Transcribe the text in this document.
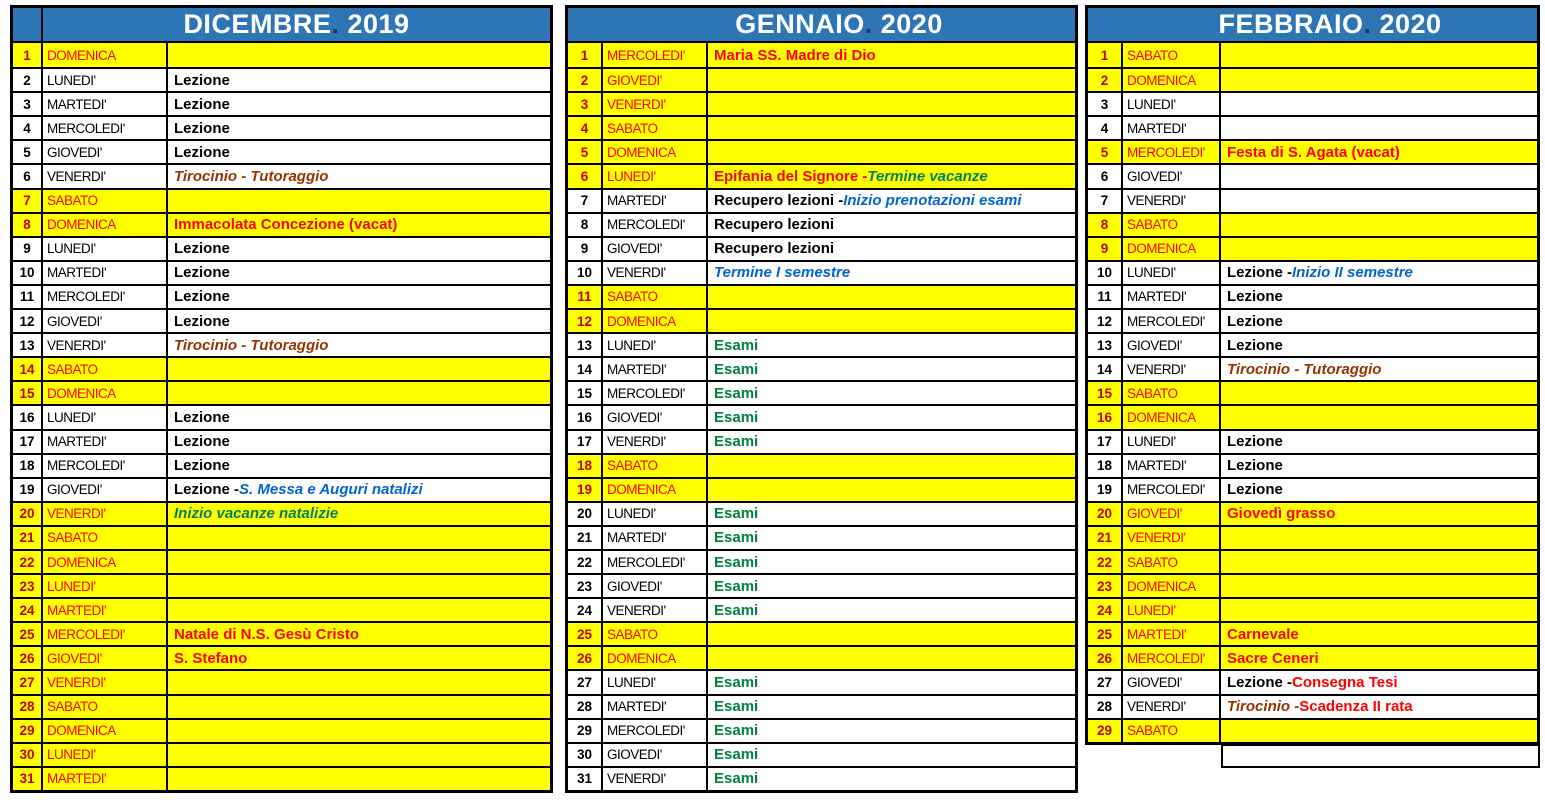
DICEMBRE. 2019
1	DOMENICA
2	LUNEDI'	Lezione
3	MARTEDI'	Lezione
4	MERCOLEDI'	Lezione
5	GIOVEDI'	Lezione
6	VENERDI'	Tirocinio - Tutoraggio
7	SABATO
8	DOMENICA	Immacolata Concezione (vacat)
9	LUNEDI'	Lezione
10 MARTEDI'	Lezione
11 MERCOLEDI'	Lezione
12 GIOVEDI'	Lezione
13 VENERDI'	Tirocinio - Tutoraggio
14 SABATO
15 DOMENICA
16 LUNEDI'	Lezione
17 MARTEDI'	Lezione
18 MERCOLEDI'	Lezione
19 GIOVEDI'	Lezione - S. Messa e Auguri natalizi
20 VENERDI'	Inizio vacanze natalizie
21 SABATO
22 DOMENICA
23 LUNEDI'
24 MARTEDI'
25 MERCOLEDI'	Natale di N.S. Gesù Cristo
26 GIOVEDI'	S. Stefano
27 VENERDI'
28 SABATO
29 DOMENICA
30 LUNEDI'
31 MARTEDI'
GENNAIO. 2020
1	MERCOLEDI'	Maria SS. Madre di Dio
2	GIOVEDI'
3	VENERDI'
4	SABATO
5	DOMENICA
6	LUNEDI'	Epifania del Signore - Termine vacanze
7	MARTEDI'	Recupero lezioni - Inizio prenotazioni esami
8	MERCOLEDI'	Recupero lezioni
9	GIOVEDI'	Recupero lezioni
10	VENERDI'	Termine I semestre
11	SABATO
12	DOMENICA
13	LUNEDI'	Esami
14	MARTEDI'	Esami
15	MERCOLEDI'	Esami
16	GIOVEDI'	Esami
17	VENERDI'	Esami
18	SABATO
19	DOMENICA
20	LUNEDI'	Esami
21	MARTEDI'	Esami
22	MERCOLEDI'	Esami
23	GIOVEDI'	Esami
24	VENERDI'	Esami
25	SABATO
26	DOMENICA
27	LUNEDI'	Esami
28	MARTEDI'	Esami
29	MERCOLEDI'	Esami
30	GIOVEDI'	Esami
31	VENERDI'	Esami
FEBBRAIO. 2020
1	SABATO
2	DOMENICA
3	LUNEDI'
4	MARTEDI'
5	MERCOLEDI'	Festa di S. Agata (vacat)
6	GIOVEDI'
7	VENERDI'
8	SABATO
9	DOMENICA
10	LUNEDI'	Lezione - Inizio II semestre
11	MARTEDI'	Lezione
12	MERCOLEDI'	Lezione
13	GIOVEDI'	Lezione
14	VENERDI'	Tirocinio - Tutoraggio
15	SABATO
16	DOMENICA
17	LUNEDI'	Lezione
18	MARTEDI'	Lezione
19	MERCOLEDI'	Lezione
20	GIOVEDI'	Giovedì grasso
21	VENERDI'
22	SABATO
23	DOMENICA
24	LUNEDI'
25	MARTEDI'	Carnevale
26	MERCOLEDI'	Sacre Ceneri
27	GIOVEDI'	Lezione - Consegna Tesi
28	VENERDI'	Tirocinio - Scadenza II rata
29	SABATO
